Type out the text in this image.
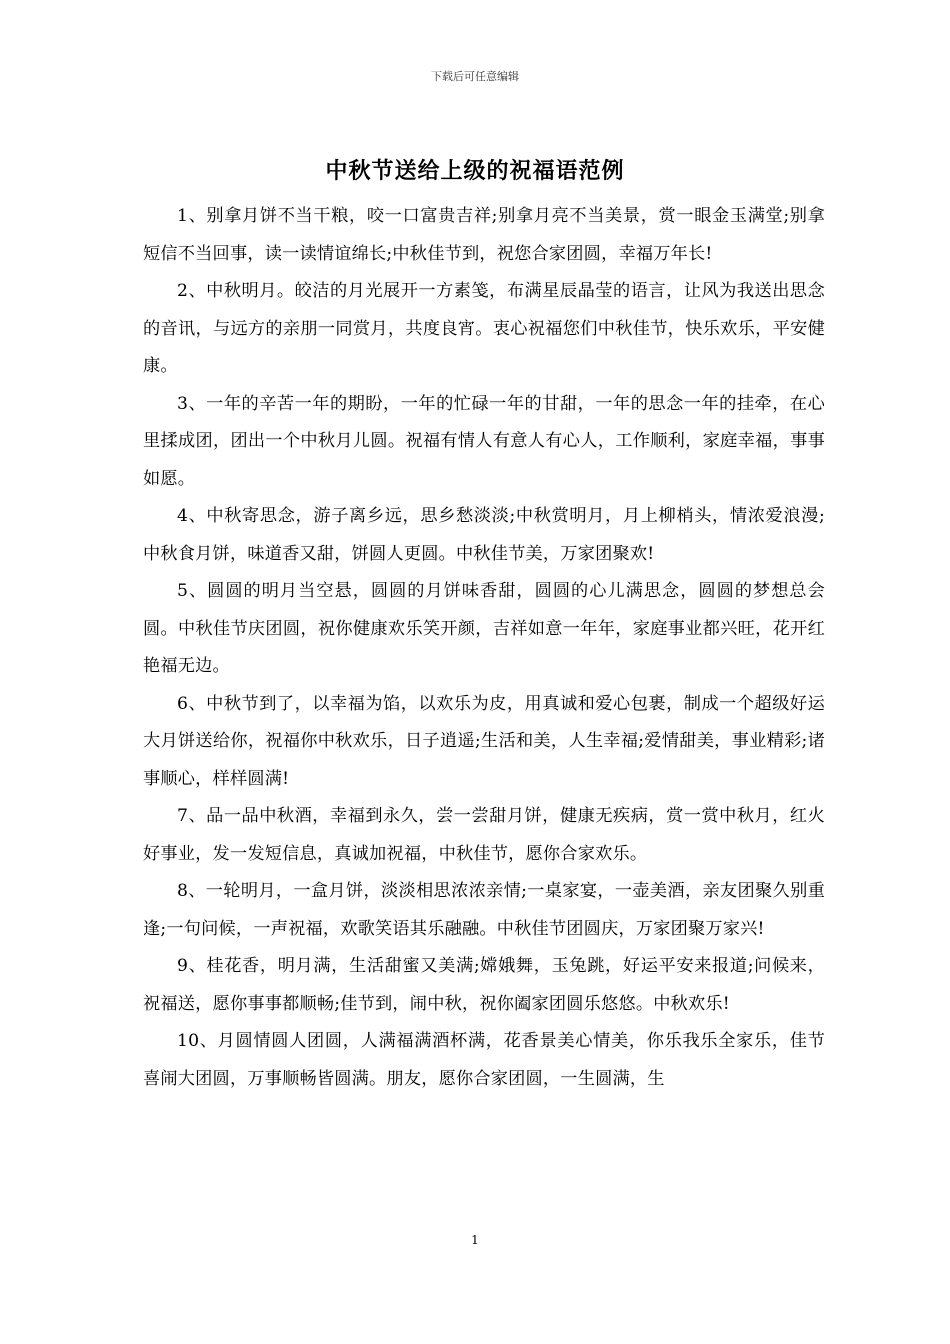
下载后可任意编辑
中秋节送给上级的祝福语范例

1、别拿月饼不当干粮，咬一口富贵吉祥;别拿月亮不当美景，赏一眼金玉满堂;别拿短信不当回事，读一读情谊绵长;中秋佳节到，祝您合家团圆，幸福万年长!

2、中秋明月。皎洁的月光展开一方素笺，布满星辰晶莹的语言，让风为我送出思念的音讯，与远方的亲朋一同赏月，共度良宵。衷心祝福您们中秋佳节，快乐欢乐，平安健康。

3、一年的辛苦一年的期盼，一年的忙碌一年的甘甜，一年的思念一年的挂牵，在心里揉成团，团出一个中秋月儿圆。祝福有情人有意人有心人，工作顺利，家庭幸福，事事如愿。

4、中秋寄思念，游子离乡远，思乡愁淡淡;中秋赏明月，月上柳梢头，情浓爱浪漫;中秋食月饼，味道香又甜，饼圆人更圆。中秋佳节美，万家团聚欢!

5、圆圆的明月当空悬，圆圆的月饼味香甜，圆圆的心儿满思念，圆圆的梦想总会圆。中秋佳节庆团圆，祝你健康欢乐笑开颜，吉祥如意一年年，家庭事业都兴旺，花开红艳福无边。

6、中秋节到了，以幸福为馅，以欢乐为皮，用真诚和爱心包裹，制成一个超级好运大月饼送给你，祝福你中秋欢乐，日子逍遥;生活和美，人生幸福;爱情甜美，事业精彩;诸事顺心，样样圆满!

7、品一品中秋酒，幸福到永久，尝一尝甜月饼，健康无疾病，赏一赏中秋月，红火好事业，发一发短信息，真诚加祝福，中秋佳节，愿你合家欢乐。

8、一轮明月，一盒月饼，淡淡相思浓浓亲情;一桌家宴，一壶美酒，亲友团聚久别重逢;一句问候，一声祝福，欢歌笑语其乐融融。中秋佳节团圆庆，万家团聚万家兴!

9、桂花香，明月满，生活甜蜜又美满;嫦娥舞，玉兔跳，好运平安来报道;问候来，祝福送，愿你事事都顺畅;佳节到，闹中秋，祝你阖家团圆乐悠悠。中秋欢乐!

10、月圆情圆人团圆，人满福满酒杯满，花香景美心情美，你乐我乐全家乐，佳节喜闹大团圆，万事顺畅皆圆满。朋友，愿你合家团圆，一生圆满，生

1
